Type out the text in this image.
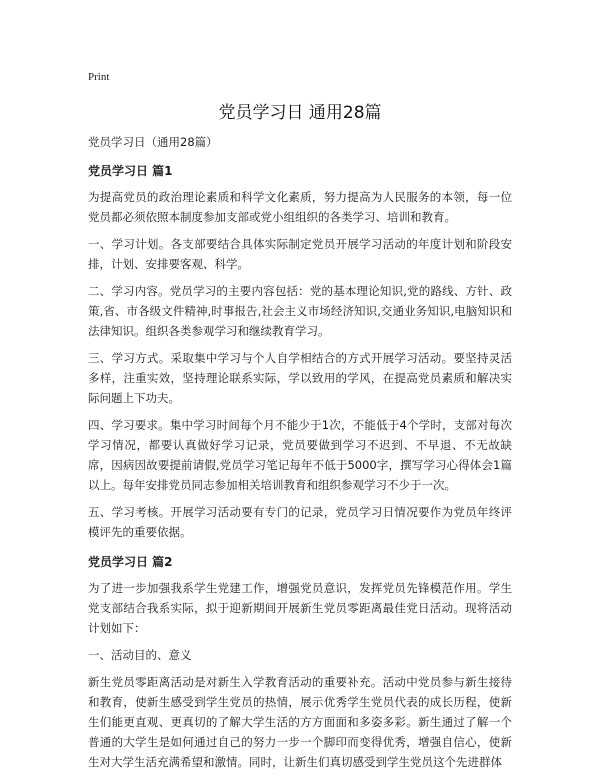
Print
党员学习日 通用28篇
党员学习日（通用28篇）
党员学习日 篇1
为提高党员的政治理论素质和科学文化素质，努力提高为人民服务的本领，每一位党员都必须依照本制度参加支部或党小组组织的各类学习、培训和教育。
一、学习计划。各支部要结合具体实际制定党员开展学习活动的年度计划和阶段安排，计划、安排要客观、科学。
二、学习内容。党员学习的主要内容包括：党的基本理论知识,党的路线、方针、政策,省、市各级文件精神,时事报告,社会主义市场经济知识,交通业务知识,电脑知识和法律知识。组织各类参观学习和继续教育学习。
三、学习方式。采取集中学习与个人自学相结合的方式开展学习活动。要坚持灵活多样，注重实效，坚持理论联系实际，学以致用的学风，在提高党员素质和解决实际问题上下功夫。
四、学习要求。集中学习时间每个月不能少于1次，不能低于4个学时，支部对每次学习情况，都要认真做好学习记录，党员要做到学习不迟到、不早退、不无故缺席，因病因故要提前请假,党员学习笔记每年不低于5000字，撰写学习心得体会1篇以上。每年安排党员同志参加相关培训教育和组织参观学习不少于一次。
五、学习考核。开展学习活动要有专门的记录，党员学习日情况要作为党员年终评模评先的重要依据。
党员学习日 篇2
为了进一步加强我系学生党建工作，增强党员意识，发挥党员先锋模范作用。学生党支部结合我系实际，拟于迎新期间开展新生党员零距离最佳党日活动。现将活动计划如下：
一、活动目的、意义
新生党员零距离活动是对新生入学教育活动的重要补充。活动中党员参与新生接待和教育，使新生感受到学生党员的热情，展示优秀学生党员代表的成长历程，使新生们能更直观、更真切的了解大学生活的方方面面和多姿多彩。新生通过了解一个普通的大学生是如何通过自己的努力一步一个脚印而变得优秀，增强自信心，使新生对大学生活充满希望和激情。同时，让新生们真切感受到学生党员这个先进群体
